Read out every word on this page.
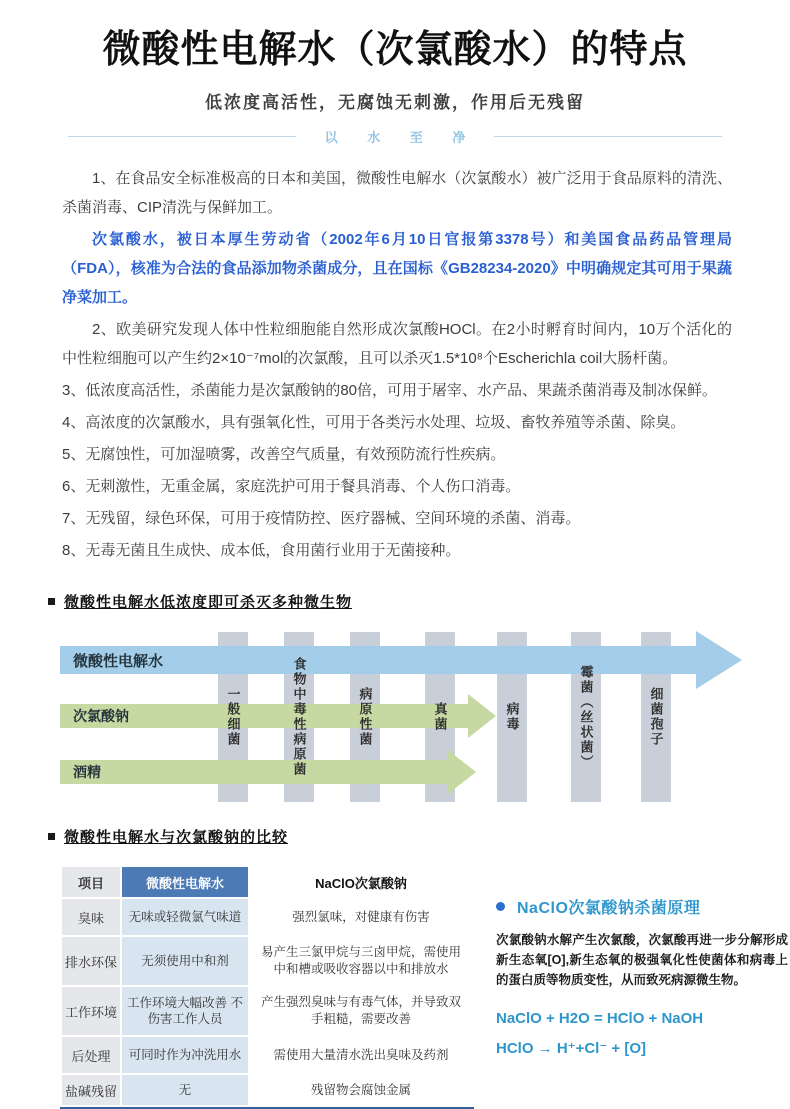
微酸性电解水（次氯酸水）的特点
低浓度高活性，无腐蚀无刺激，作用后无残留
以 水 至 净

1、在食品安全标准极高的日本和美国，微酸性电解水（次氯酸水）被广泛用于食品原料的清洗、杀菌消毒、CIP清洗与保鲜加工。

次氯酸水，被日本厚生劳动省（2002年6月10日官报第3378号）和美国食品药品管理局（FDA），核准为合法的食品添加物杀菌成分，且在国标《GB28234-2020》中明确规定其可用于果蔬净菜加工。

2、欧美研究发现人体中性粒细胞能自然形成次氯酸HOCl。在2小时孵育时间内，10万个活化的中性粒细胞可以产生约2×10⁻⁷mol的次氯酸，且可以杀灭1.5*10⁸个Escherichla coil大肠杆菌。

3、低浓度高活性，杀菌能力是次氯酸钠的80倍，可用于屠宰、水产品、果蔬杀菌消毒及制冰保鲜。

4、高浓度的次氯酸水，具有强氧化性，可用于各类污水处理、垃圾、畜牧养殖等杀菌、除臭。

5、无腐蚀性，可加湿喷雾，改善空气质量，有效预防流行性疾病。

6、无刺激性，无重金属，家庭洗护可用于餐具消毒、个人伤口消毒。

7、无残留，绿色环保，可用于疫情防控、医疗器械、空间环境的杀菌、消毒。

8、无毒无菌且生成快、成本低，食用菌行业用于无菌接种。

微酸性电解水低浓度即可杀灭多种微生物
一般细菌	食物中毒性病原菌	病原性菌	真菌	病毒	霉菌（丝状菌）	细菌孢子
微酸性电解水
次氯酸钠
酒精
微酸性电解水与次氯酸钠的比较
项目	微酸性电解水	NaClO次氯酸钠
臭味	无味或轻微氯气味道	强烈氯味，对健康有伤害
排水环保	无须使用中和剂	易产生三氯甲烷与三卤甲烷，需使用中和槽或吸收容器以中和排放水
工作环境	工作环境大幅改善 不伤害工作人员	产生强烈臭味与有毒气体，并导致双手粗糙，需要改善
后处理	可同时作为冲洗用水	需使用大量清水洗出臭味及药剂
盐碱残留	无	残留物会腐蚀金属
NaClO次氯酸钠杀菌原理
次氯酸钠水解产生次氯酸，次氯酸再进一步分解形成新生态氧[O],新生态氧的极强氧化性使菌体和病毒上的蛋白质等物质变性，从而致死病源微生物。
NaClO + H2O = HClO + NaOH
HClO → H⁺+Cl⁻ + [O]
